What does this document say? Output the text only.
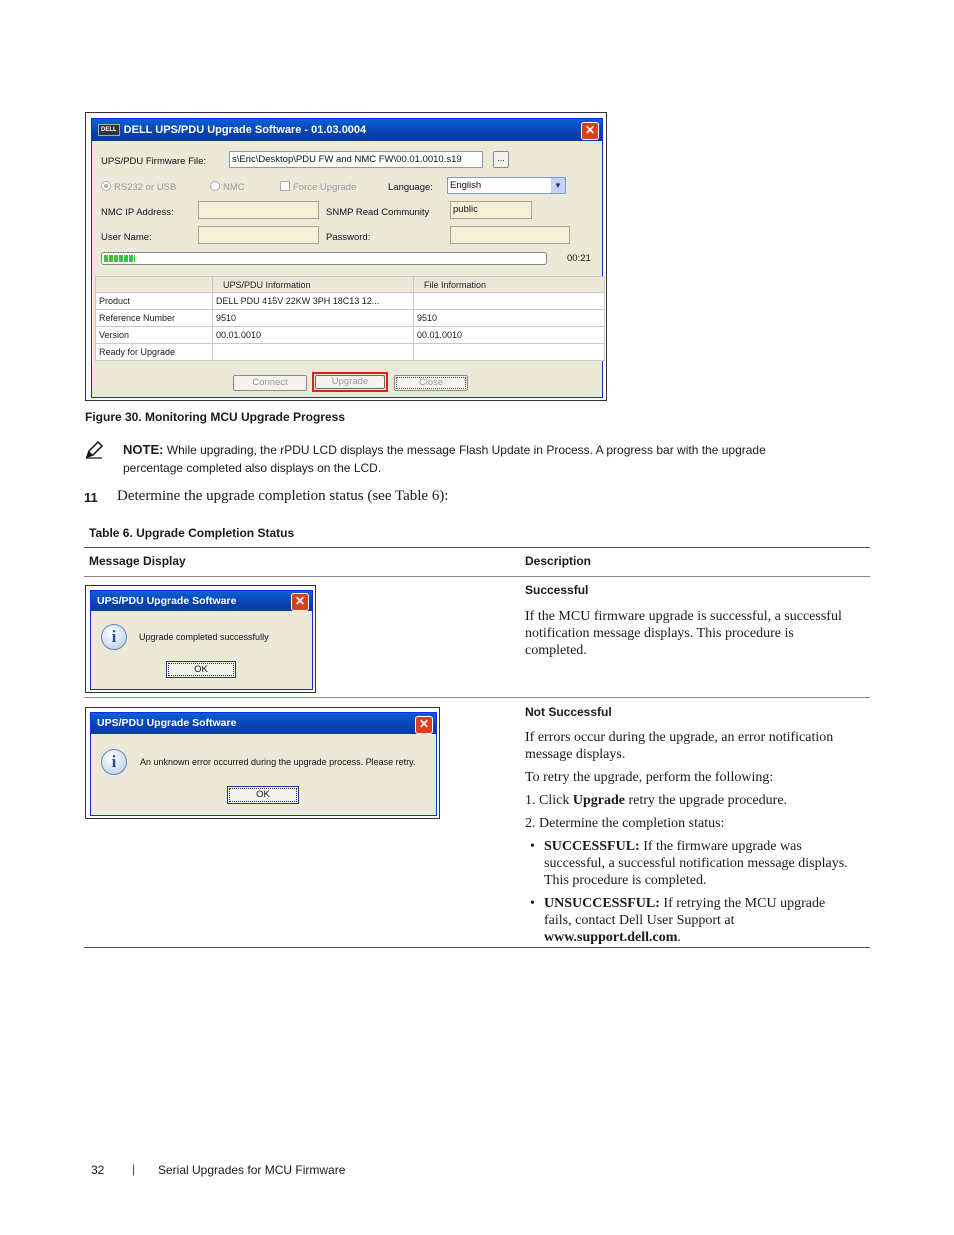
DELL DELL UPS/PDU Upgrade Software - 01.03.0004	✕
UPS/PDU Firmware File:	s\Eric\Desktop\PDU FW and NMC FW\00.01.0010.s19	...
RS232 or USB	NMC	Force Upgrade	Language:	English	▼
NMC IP Address:	SNMP Read Community	public
User Name:	Password:
00:21
	UPS/PDU Information	File Information
Product	DELL PDU 415V 22KW 3PH 18C13 12...	
Reference Number	9510	9510
Version	00.01.0010	00.01.0010
Ready for Upgrade		
Connect	Upgrade	Close
Figure 30. Monitoring MCU Upgrade Progress
NOTE: While upgrading, the rPDU LCD displays the message Flash Update in Process. A progress bar with the upgrade
percentage completed also displays on the LCD.
11 Determine the upgrade completion status (see Table 6):
Table 6. Upgrade Completion Status
Message Display	Description
UPS/PDU Upgrade Software	✕
i	Upgrade completed successfully
OK
Successful
If the MCU firmware upgrade is successful, a successful
notification message displays. This procedure is
completed.
UPS/PDU Upgrade Software	✕
i	An unknown error occurred during the upgrade process. Please retry.
OK
Not Successful
If errors occur during the upgrade, an error notification
message displays.
To retry the upgrade, perform the following:
1. Click Upgrade retry the upgrade procedure.
2. Determine the completion status:
• SUCCESSFUL: If the firmware upgrade was
successful, a successful notification message displays.
This procedure is completed.
• UNSUCCESSFUL: If retrying the MCU upgrade
fails, contact Dell User Support at
www.support.dell.com.
32 | Serial Upgrades for MCU Firmware
